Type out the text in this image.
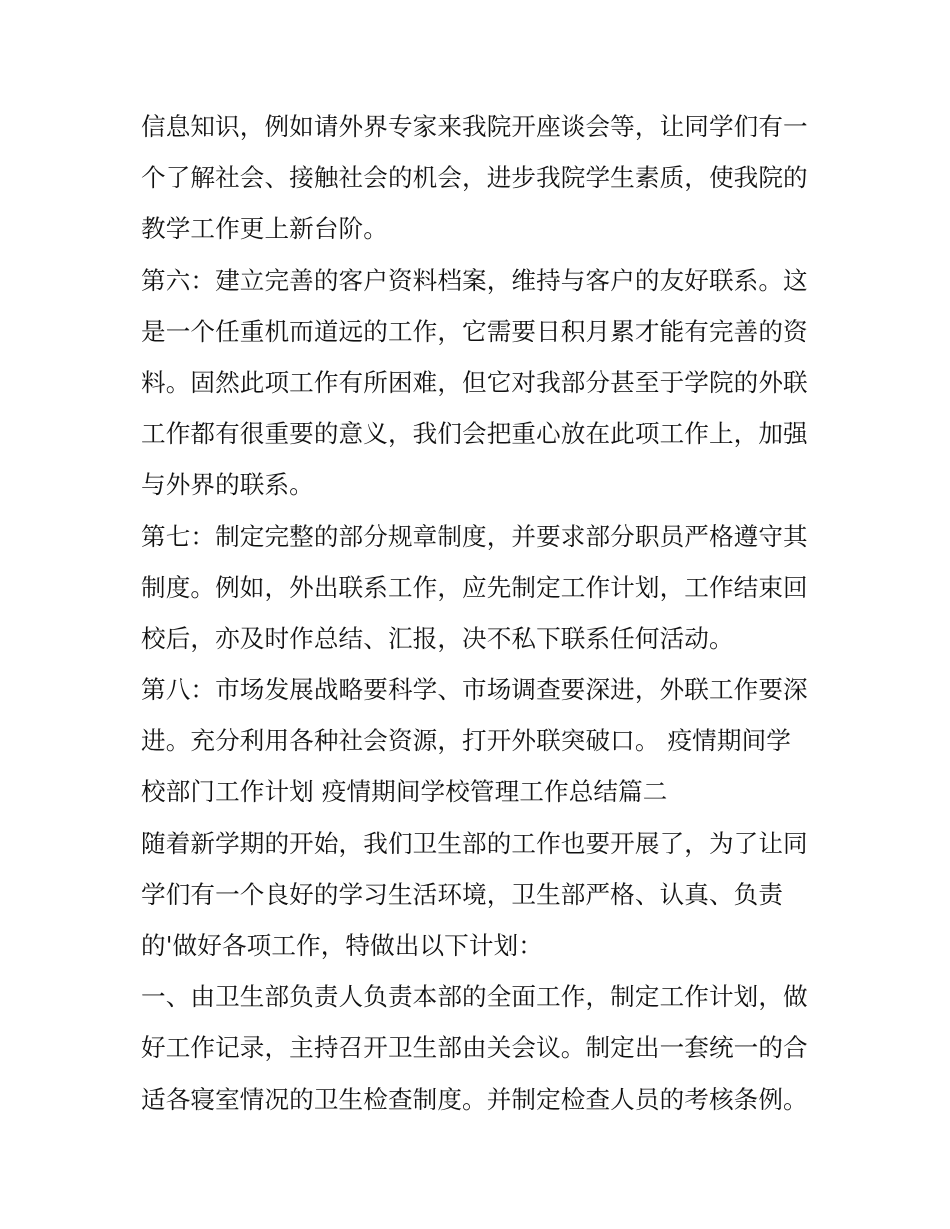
信息知识，例如请外界专家来我院开座谈会等，让同学们有一
个了解社会、接触社会的机会，进步我院学生素质，使我院的
教学工作更上新台阶。
第六：建立完善的客户资料档案，维持与客户的友好联系。这
是一个任重机而道远的工作，它需要日积月累才能有完善的资
料。固然此项工作有所困难，但它对我部分甚至于学院的外联
工作都有很重要的意义，我们会把重心放在此项工作上，加强
与外界的联系。
第七：制定完整的部分规章制度，并要求部分职员严格遵守其
制度。例如，外出联系工作，应先制定工作计划，工作结束回
校后，亦及时作总结、汇报，决不私下联系任何活动。
第八：市场发展战略要科学、市场调查要深进，外联工作要深
进。充分利用各种社会资源，打开外联突破口。 疫情期间学
校部门工作计划 疫情期间学校管理工作总结篇二
随着新学期的开始，我们卫生部的工作也要开展了，为了让同
学们有一个良好的学习生活环境，卫生部严格、认真、负责
的'做好各项工作，特做出以下计划：
一、由卫生部负责人负责本部的全面工作，制定工作计划，做
好工作记录，主持召开卫生部由关会议。制定出一套统一的合
适各寝室情况的卫生检查制度。并制定检查人员的考核条例。
